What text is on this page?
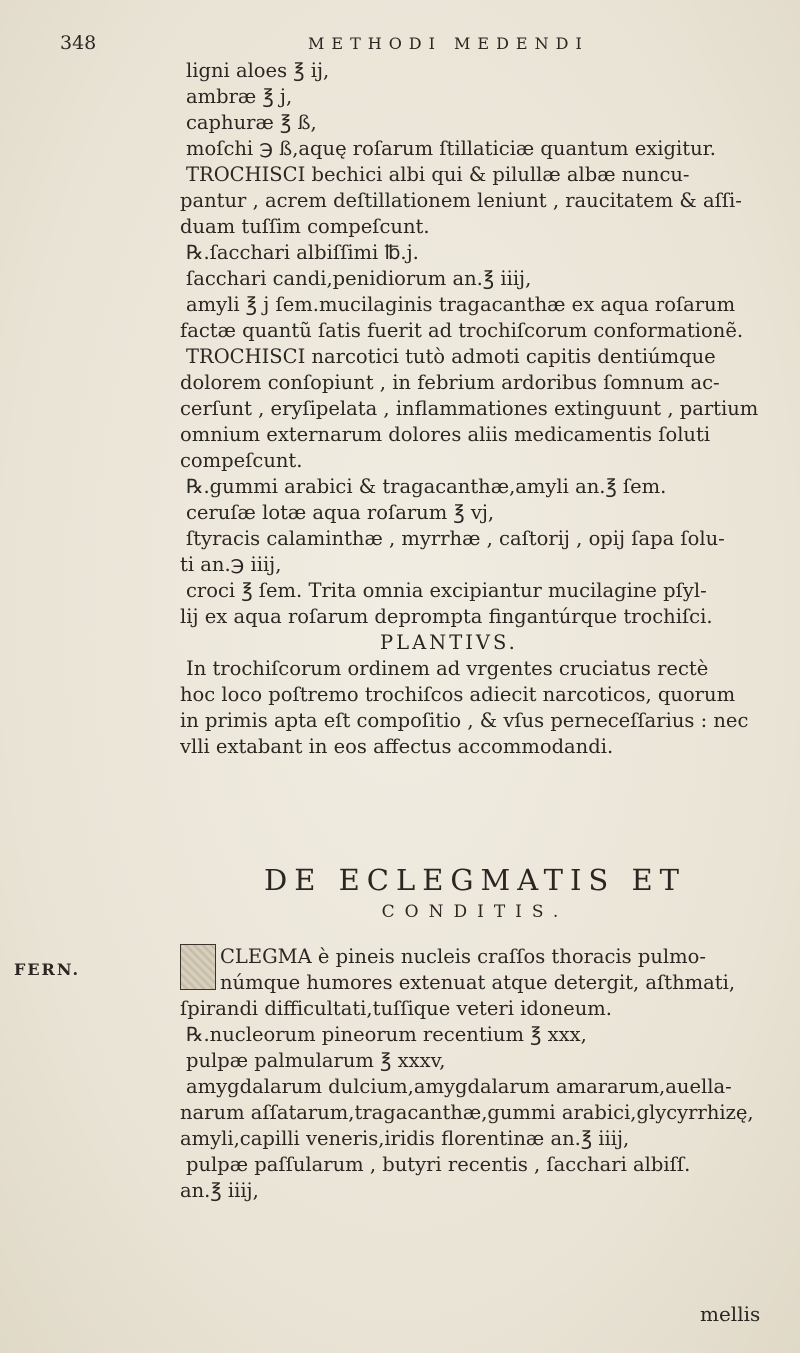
348	METHODI MEDENDI
FERN.
ligni aloes ℥ ij,
ambræ ℥ j,
caphuræ ℥ ß,
moſchi ℈ ß,aquę roſarum ſtillaticiæ quantum exigitur.
TROCHISCI bechici albi qui & pilullæ albæ nuncu-
pantur , acrem deſtillationem leniunt , raucitatem & aſſi-
duam tuſſim compeſcunt.
℞.ſacchari albiſſimi ℔.j.
ſacchari candi,penidiorum an.℥ iiij,
amyli ℥ j ſem.mucilaginis tragacanthæ ex aqua roſarum
factæ quantũ ſatis fuerit ad trochiſcorum conformationẽ.
TROCHISCI narcotici tutò admoti capitis dentiúmque
dolorem conſopiunt , in febrium ardoribus ſomnum ac-
cerſunt , eryſipelata , inflammationes extinguunt , partium
omnium externarum dolores aliis medicamentis ſoluti
compeſcunt.
℞.gummi arabici & tragacanthæ,amyli an.℥ ſem.
ceruſæ lotæ aqua roſarum ℥ vj,
ſtyracis calaminthæ , myrrhæ , caſtorij , opij ſapa ſolu-
ti an.℈ iiij,
croci ℥ ſem. Trita omnia excipiantur mucilagine pſyl-
lij ex aqua roſarum deprompta fingantúrque trochiſci.
PLANTIVS.
In trochiſcorum ordinem ad vrgentes cruciatus rectè
hoc loco poſtremo trochiſcos adiecit narcoticos, quorum
in primis apta eſt compoſitio , & vſus perneceſſarius : nec
vlli extabant in eos affectus accommodandi.
DE ECLEGMATIS ET
CONDITIS.
CLEGMA è pineis nucleis craſſos thoracis pulmo-
númque humores extenuat atque detergit, aſthmati,
ſpirandi difficultati,tuſſique veteri idoneum.
℞.nucleorum pineorum recentium ℥ xxx,
pulpæ palmularum ℥ xxxv,
amygdalarum dulcium,amygdalarum amararum,auella-
narum aſſatarum,tragacanthæ,gummi arabici,glycyrrhizę,
amyli,capilli veneris,iridis florentinæ an.℥ iiij,
pulpæ paſſularum , butyri recentis , ſacchari albiſſ.
an.℥ iiij,
mellis
